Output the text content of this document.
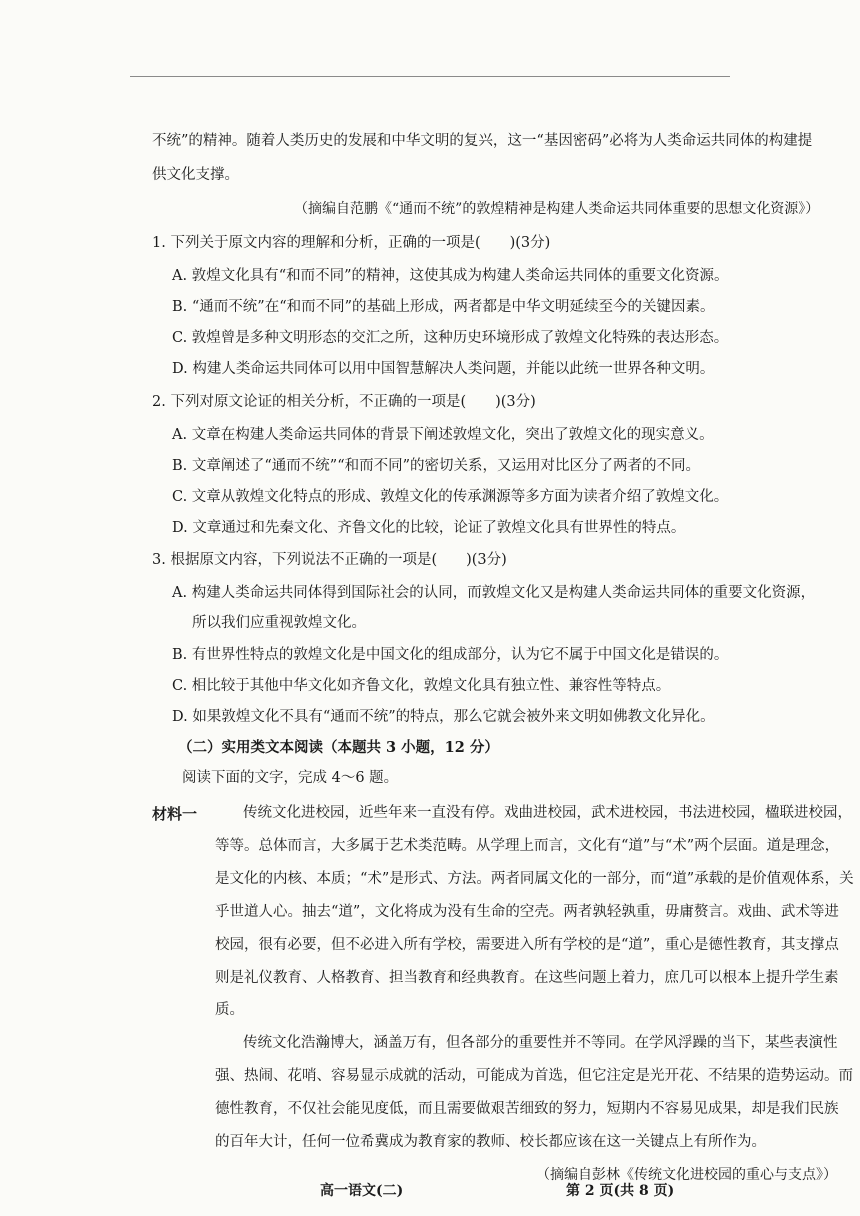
不统”的精神。随着人类历史的发展和中华文明的复兴，这一“基因密码”必将为人类命运共同体的构建提
供文化支撑。
（摘编自范鹏《“通而不统”的敦煌精神是构建人类命运共同体重要的思想文化资源》）
1. 下列关于原文内容的理解和分析，正确的一项是(　　)(3分)
A. 敦煌文化具有“和而不同”的精神，这使其成为构建人类命运共同体的重要文化资源。
B. “通而不统”在“和而不同”的基础上形成，两者都是中华文明延续至今的关键因素。
C. 敦煌曾是多种文明形态的交汇之所，这种历史环境形成了敦煌文化特殊的表达形态。
D. 构建人类命运共同体可以用中国智慧解决人类问题，并能以此统一世界各种文明。
2. 下列对原文论证的相关分析，不正确的一项是(　　)(3分)
A. 文章在构建人类命运共同体的背景下阐述敦煌文化，突出了敦煌文化的现实意义。
B. 文章阐述了“通而不统”“和而不同”的密切关系，又运用对比区分了两者的不同。
C. 文章从敦煌文化特点的形成、敦煌文化的传承渊源等多方面为读者介绍了敦煌文化。
D. 文章通过和先秦文化、齐鲁文化的比较，论证了敦煌文化具有世界性的特点。
3. 根据原文内容，下列说法不正确的一项是(　　)(3分)
A. 构建人类命运共同体得到国际社会的认同，而敦煌文化又是构建人类命运共同体的重要文化资源，
所以我们应重视敦煌文化。
B. 有世界性特点的敦煌文化是中国文化的组成部分，认为它不属于中国文化是错误的。
C. 相比较于其他中华文化如齐鲁文化，敦煌文化具有独立性、兼容性等特点。
D. 如果敦煌文化不具有“通而不统”的特点，那么它就会被外来文明如佛教文化异化。
（二）实用类文本阅读（本题共 3 小题，12 分）
阅读下面的文字，完成 4～6 题。
材料一	传统文化进校园，近些年来一直没有停。戏曲进校园，武术进校园，书法进校园，楹联进校园，
等等。总体而言，大多属于艺术类范畴。从学理上而言，文化有“道”与“术”两个层面。道是理念，
是文化的内核、本质；“术”是形式、方法。两者同属文化的一部分，而“道”承载的是价值观体系，关
乎世道人心。抽去“道”，文化将成为没有生命的空壳。两者孰轻孰重，毋庸赘言。戏曲、武术等进
校园，很有必要，但不必进入所有学校，需要进入所有学校的是“道”，重心是德性教育，其支撑点
则是礼仪教育、人格教育、担当教育和经典教育。在这些问题上着力，庶几可以根本上提升学生素
质。
传统文化浩瀚博大，涵盖万有，但各部分的重要性并不等同。在学风浮躁的当下，某些表演性
强、热闹、花哨、容易显示成就的活动，可能成为首选，但它注定是光开花、不结果的造势运动。而
德性教育，不仅社会能见度低，而且需要做艰苦细致的努力，短期内不容易见成果，却是我们民族
的百年大计，任何一位希冀成为教育家的教师、校长都应该在这一关键点上有所作为。
（摘编自彭林《传统文化进校园的重心与支点》）
高一语文(二)	第 2 页(共 8 页)
